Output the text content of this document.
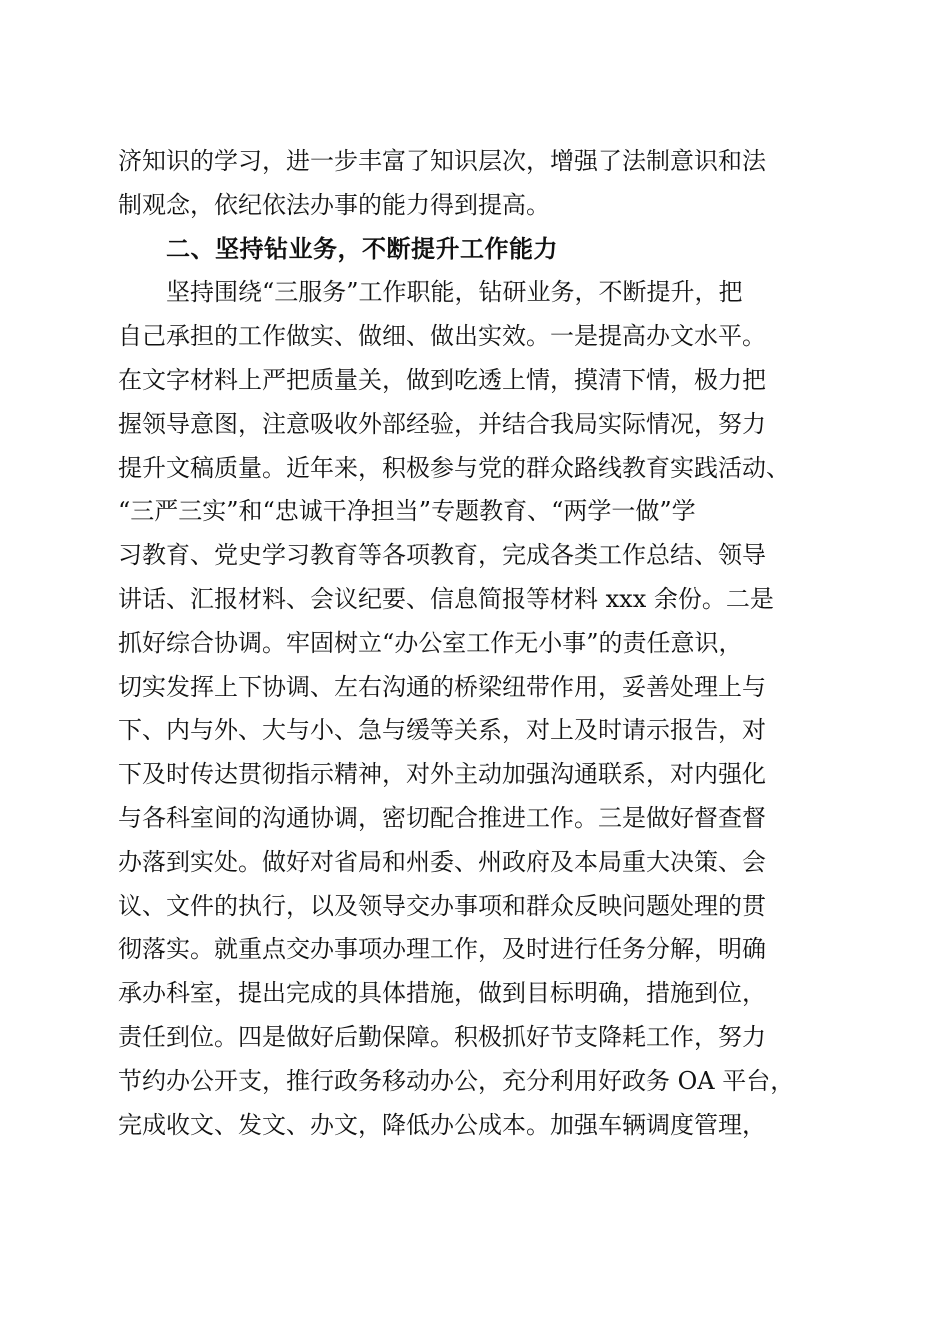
济知识的学习，进一步丰富了知识层次，增强了法制意识和法
制观念，依纪依法办事的能力得到提高。
二、坚持钻业务，不断提升工作能力
坚持围绕“三服务”工作职能，钻研业务，不断提升，把
自己承担的工作做实、做细、做出实效。一是提高办文水平。
在文字材料上严把质量关，做到吃透上情，摸清下情，极力把
握领导意图，注意吸收外部经验，并结合我局实际情况，努力
提升文稿质量。近年来，积极参与党的群众路线教育实践活动、
“三严三实”和“忠诚干净担当”专题教育、“两学一做”学
习教育、党史学习教育等各项教育，完成各类工作总结、领导
讲话、汇报材料、会议纪要、信息简报等材料 xxx 余份。二是
抓好综合协调。牢固树立“办公室工作无小事”的责任意识，
切实发挥上下协调、左右沟通的桥梁纽带作用，妥善处理上与
下、内与外、大与小、急与缓等关系，对上及时请示报告，对
下及时传达贯彻指示精神，对外主动加强沟通联系，对内强化
与各科室间的沟通协调，密切配合推进工作。三是做好督查督
办落到实处。做好对省局和州委、州政府及本局重大决策、会
议、文件的执行，以及领导交办事项和群众反映问题处理的贯
彻落实。就重点交办事项办理工作，及时进行任务分解，明确
承办科室，提出完成的具体措施，做到目标明确，措施到位，
责任到位。四是做好后勤保障。积极抓好节支降耗工作，努力
节约办公开支，推行政务移动办公，充分利用好政务 OA 平台，
完成收文、发文、办文，降低办公成本。加强车辆调度管理，
